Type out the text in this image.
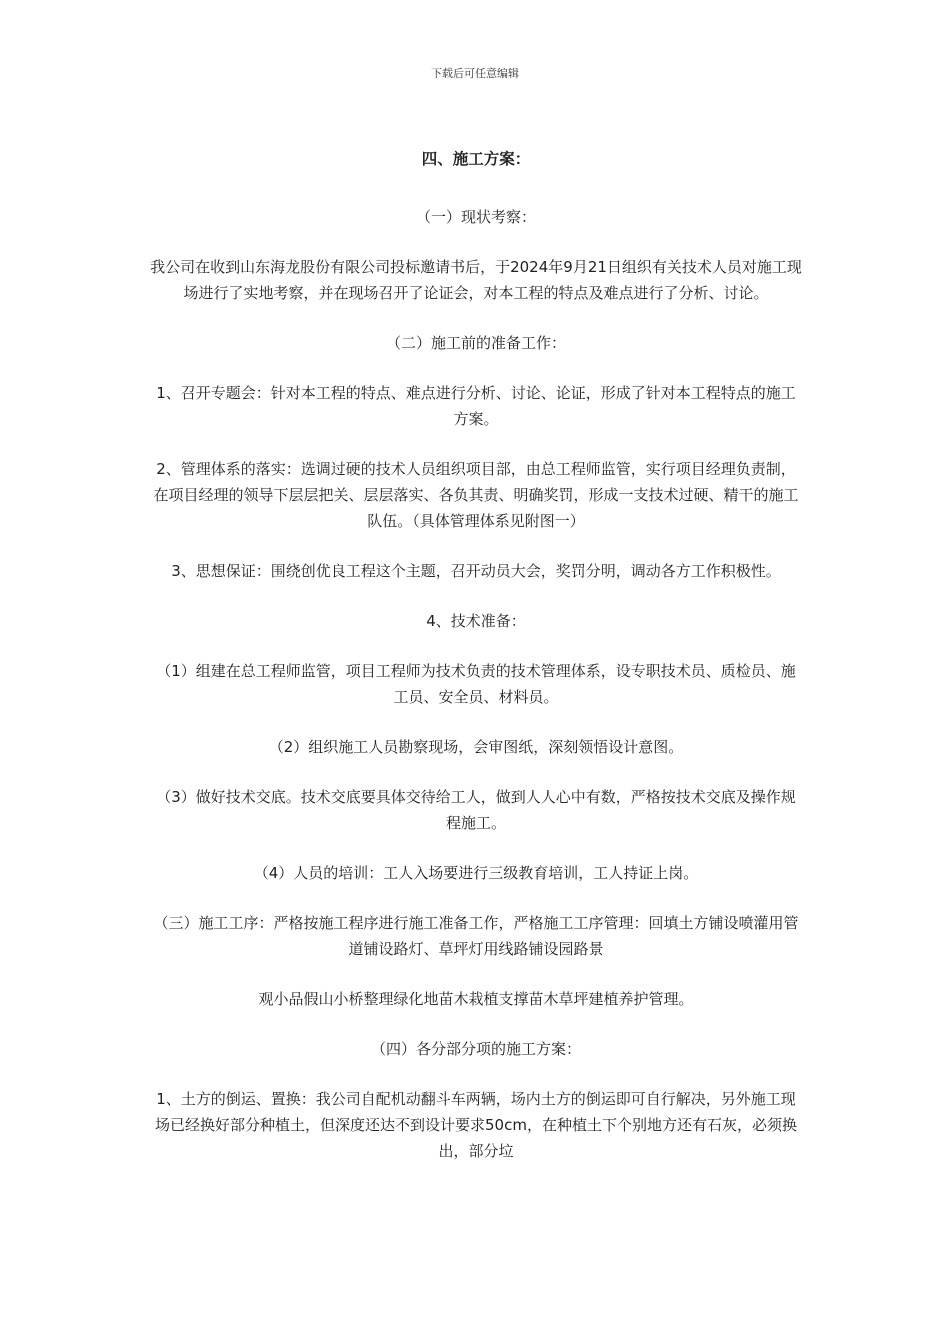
下载后可任意编辑
四、施工方案：

（一）现状考察：

我公司在收到山东海龙股份有限公司投标邀请书后，于2024年9月21日组织有关技术人员对施工现场进行了实地考察，并在现场召开了论证会，对本工程的特点及难点进行了分析、讨论。

（二）施工前的准备工作：

1、召开专题会：针对本工程的特点、难点进行分析、讨论、论证，形成了针对本工程特点的施工方案。

2、管理体系的落实：选调过硬的技术人员组织项目部，由总工程师监管，实行项目经理负责制，在项目经理的领导下层层把关、层层落实、各负其责、明确奖罚，形成一支技术过硬、精干的施工队伍。（具体管理体系见附图一）

3、思想保证：围绕创优良工程这个主题，召开动员大会，奖罚分明，调动各方工作积极性。

4、技术准备：

（1）组建在总工程师监管，项目工程师为技术负责的技术管理体系，设专职技术员、质检员、施工员、安全员、材料员。

（2）组织施工人员勘察现场，会审图纸，深刻领悟设计意图。

（3）做好技术交底。技术交底要具体交待给工人，做到人人心中有数，严格按技术交底及操作规程施工。

（4）人员的培训：工人入场要进行三级教育培训，工人持证上岗。

（三）施工工序：严格按施工程序进行施工准备工作，严格施工工序管理：回填土方铺设喷灌用管道铺设路灯、草坪灯用线路铺设园路景

观小品假山小桥整理绿化地苗木栽植支撑苗木草坪建植养护管理。

（四）各分部分项的施工方案：

1、土方的倒运、置换：我公司自配机动翻斗车两辆，场内土方的倒运即可自行解决，另外施工现场已经换好部分种植土，但深度还达不到设计要求50cm，在种植土下个别地方还有石灰，必须换出，部分垃
